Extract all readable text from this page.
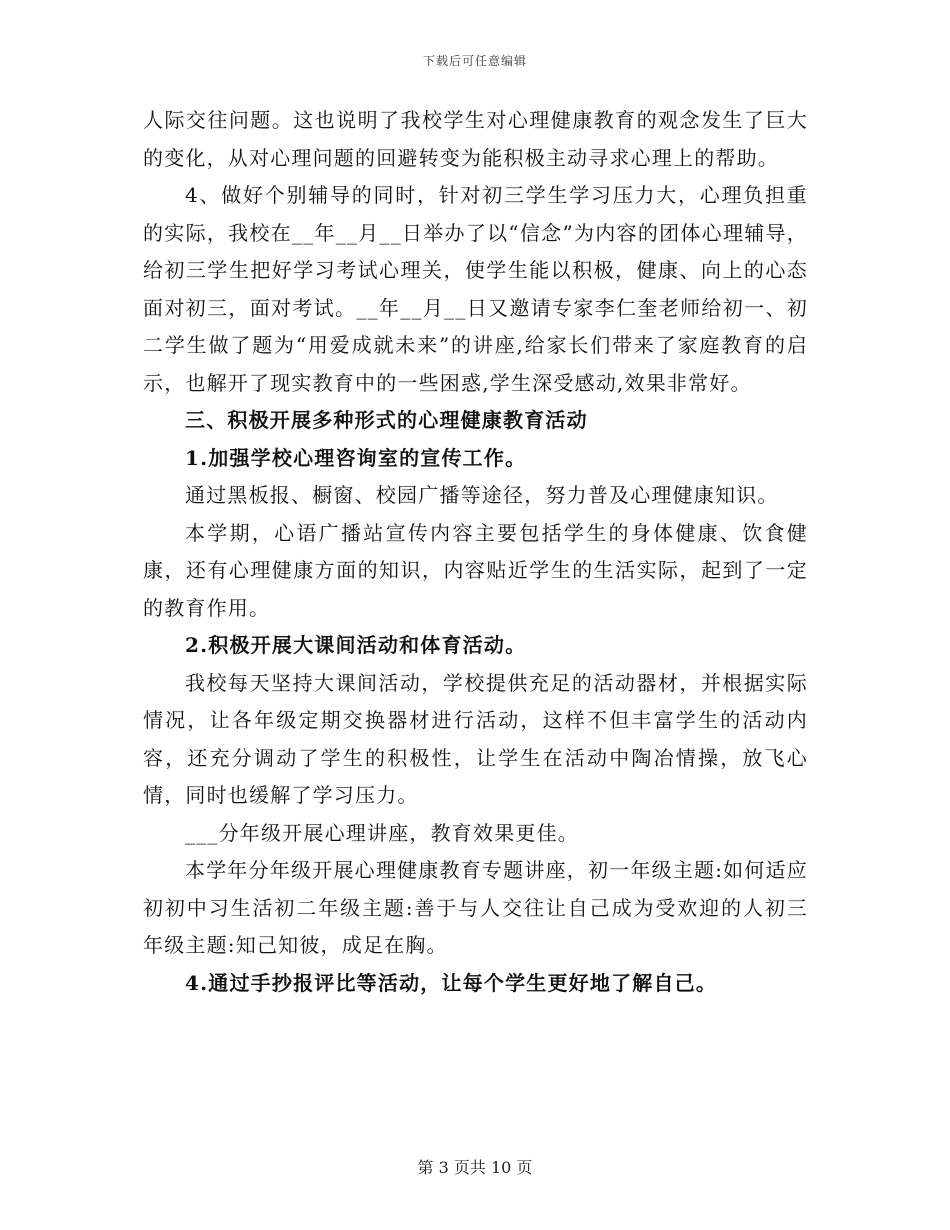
下载后可任意编辑

人际交往问题。这也说明了我校学生对心理健康教育的观念发生了巨大的变化，从对心理问题的回避转变为能积极主动寻求心理上的帮助。

4、做好个别辅导的同时，针对初三学生学习压力大，心理负担重的实际，我校在__年__月__日举办了以“信念”为内容的团体心理辅导，给初三学生把好学习考试心理关，使学生能以积极，健康、向上的心态面对初三，面对考试。__年__月__日又邀请专家李仁奎老师给初一、初二学生做了题为“用爱成就未来”的讲座,给家长们带来了家庭教育的启示，也解开了现实教育中的一些困惑,学生深受感动,效果非常好。

三、积极开展多种形式的心理健康教育活动

1.加强学校心理咨询室的宣传工作。

通过黑板报、橱窗、校园广播等途径，努力普及心理健康知识。

本学期，心语广播站宣传内容主要包括学生的身体健康、饮食健康，还有心理健康方面的知识，内容贴近学生的生活实际，起到了一定的教育作用。

2.积极开展大课间活动和体育活动。

我校每天坚持大课间活动，学校提供充足的活动器材，并根据实际情况，让各年级定期交换器材进行活动，这样不但丰富学生的活动内容，还充分调动了学生的积极性，让学生在活动中陶冶情操，放飞心情，同时也缓解了学习压力。

___分年级开展心理讲座，教育效果更佳。

本学年分年级开展心理健康教育专题讲座，初一年级主题:如何适应初初中习生活初二年级主题:善于与人交往让自己成为受欢迎的人初三年级主题:知己知彼，成足在胸。

4.通过手抄报评比等活动，让每个学生更好地了解自己。

第 3 页共 10 页
